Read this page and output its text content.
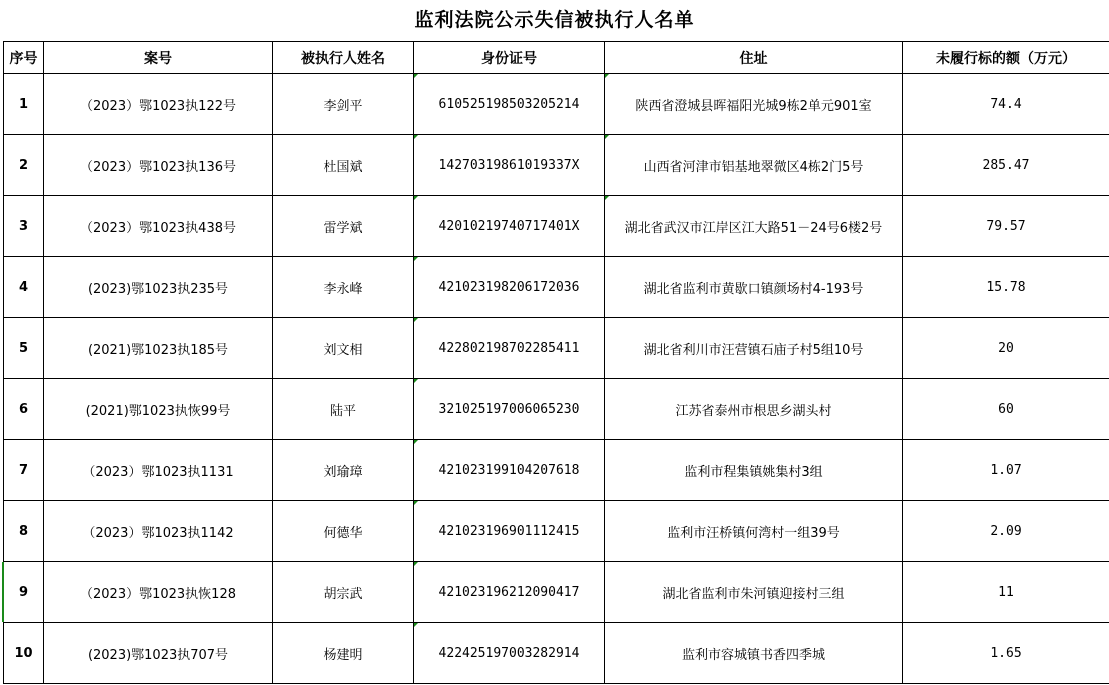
监利法院公示失信被执行人名单
序号	案号	被执行人姓名	身份证号	住址	未履行标的额（万元）
1	（2023）鄂1023执122号	李剑平	610525198503205214	陕西省澄城县晖福阳光城9栋2单元901室	74.4
2	（2023）鄂1023执136号	杜国斌	14270319861019337X	山西省河津市铝基地翠微区4栋2门5号	285.47
3	（2023）鄂1023执438号	雷学斌	42010219740717401X	湖北省武汉市江岸区江大路51－24号6楼2号	79.57
4	(2023)鄂1023执235号	李永峰	421023198206172036	湖北省监利市黄歇口镇颜场村4-193号	15.78
5	(2021)鄂1023执185号	刘文相	422802198702285411	湖北省利川市汪营镇石庙子村5组10号	20
6	(2021)鄂1023执恢99号	陆平	321025197006065230	江苏省泰州市根思乡湖头村	60
7	（2023）鄂1023执1131	刘瑜璋	421023199104207618	监利市程集镇姚集村3组	1.07
8	（2023）鄂1023执1142	何德华	421023196901112415	监利市汪桥镇何湾村一组39号	2.09
9	（2023）鄂1023执恢128	胡宗武	421023196212090417	湖北省监利市朱河镇迎接村三组	11
10	(2023)鄂1023执707号	杨建明	422425197003282914	监利市容城镇书香四季城	1.65
